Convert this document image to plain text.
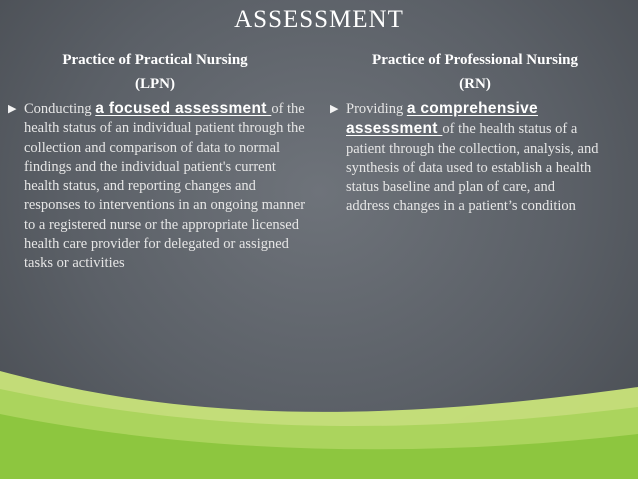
ASSESSMENT
Practice of Practical Nursing
(LPN)
Practice of Professional Nursing
(RN)
▶ Conducting a focused assessment of the health status of an individual patient through the collection and comparison of data to normal findings and the individual patient's current health status, and reporting changes and responses to interventions in an ongoing manner to a registered nurse or the appropriate licensed health care provider for delegated or assigned tasks or activities
▶ Providing a comprehensive assessment of the health status of a patient through the collection, analysis, and synthesis of data used to establish a health status baseline and plan of care, and address changes in a patient’s condition
